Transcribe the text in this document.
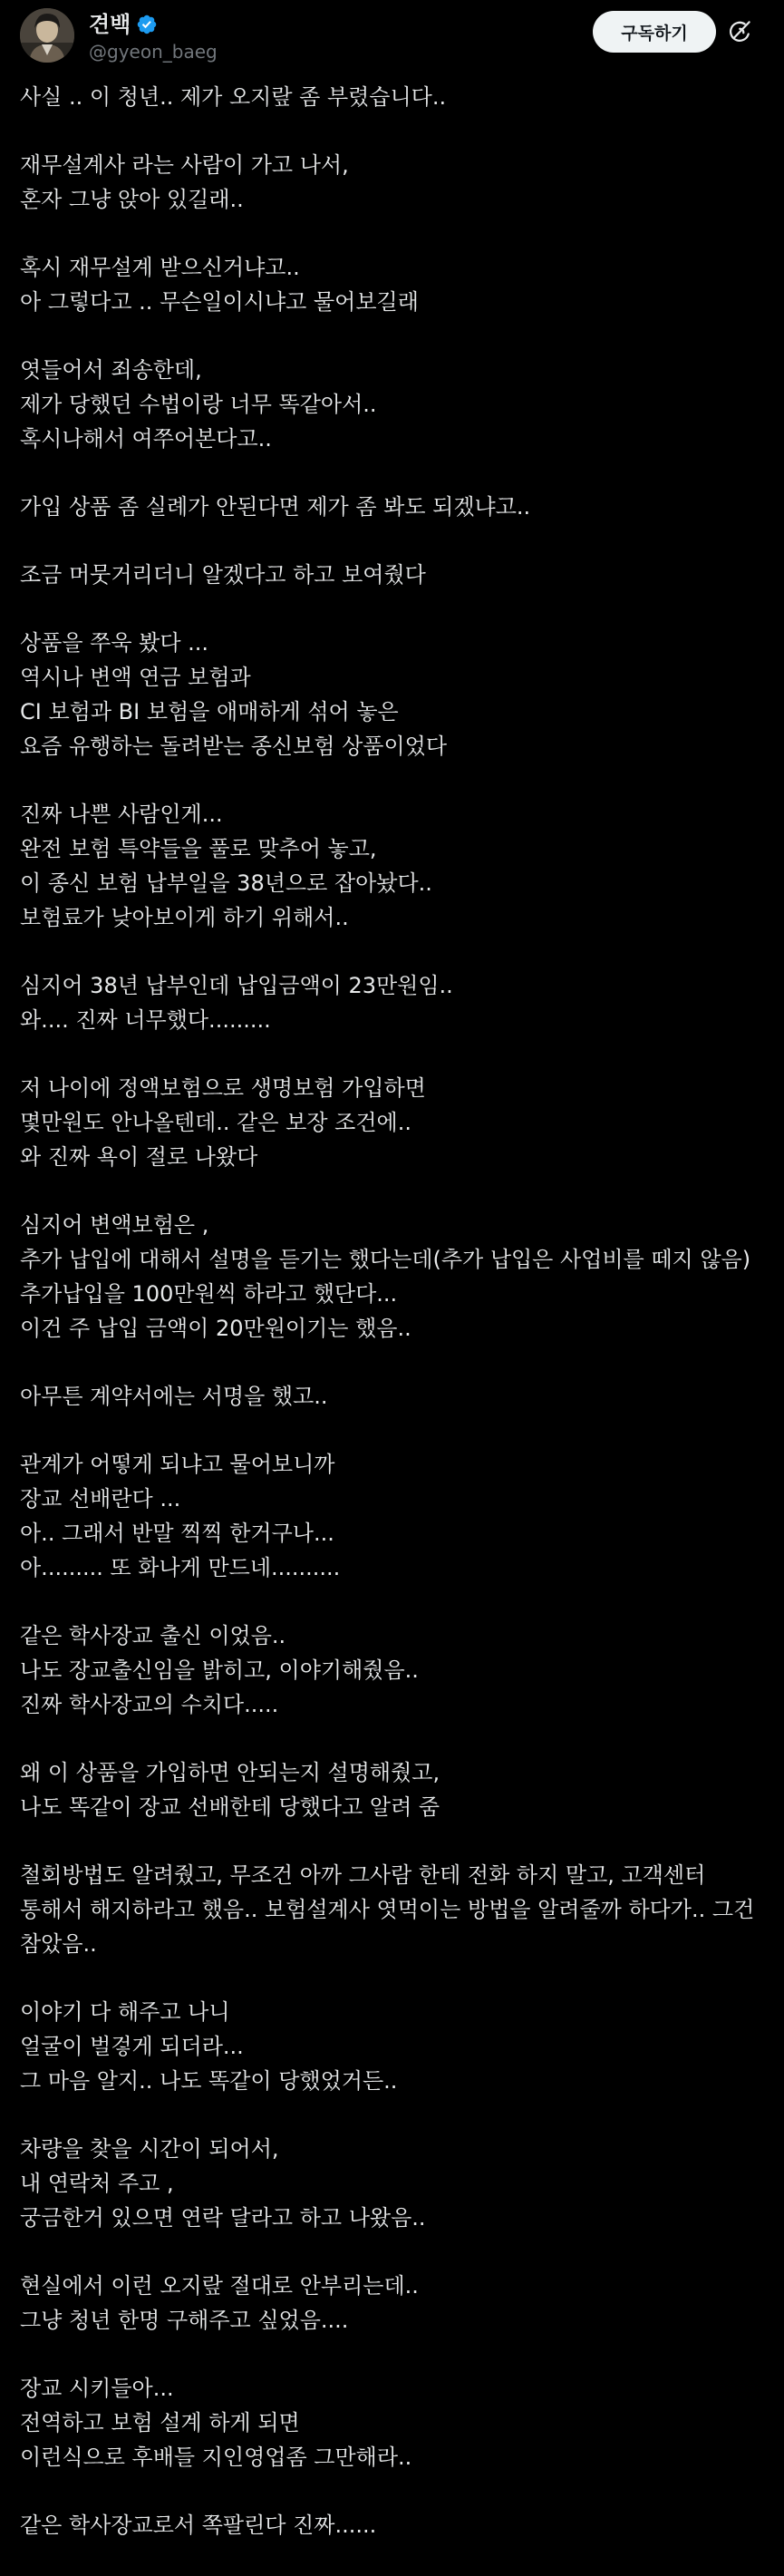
견백
@gyeon_baeg
구독하기
사실 .. 이 청년.. 제가 오지랖 좀 부렸습니다..
재무설계사 라는 사람이 가고 나서,
혼자 그냥 앉아 있길래..
혹시 재무설계 받으신거냐고..
아 그렇다고 .. 무슨일이시냐고 물어보길래
엿들어서 죄송한데,
제가 당했던 수법이랑 너무 똑같아서..
혹시나해서 여쭈어본다고..
가입 상품 좀 실례가 안된다면 제가 좀 봐도 되겠냐고..
조금 머뭇거리더니 알겠다고 하고 보여줬다
상품을 쭈욱 봤다 ...
역시나 변액 연금 보험과
CI 보험과 BI 보험을 애매하게 섞어 놓은
요즘 유행하는 돌려받는 종신보험 상품이었다
진짜 나쁜 사람인게...
완전 보험 특약들을 풀로 맞추어 놓고,
이 종신 보험 납부일을 38년으로 잡아놨다..
보험료가 낮아보이게 하기 위해서..
심지어 38년 납부인데 납입금액이 23만원임..
와.... 진짜 너무했다.........
저 나이에 정액보험으로 생명보험 가입하면
몇만원도 안나올텐데.. 같은 보장 조건에..
와 진짜 욕이 절로 나왔다
심지어 변액보험은 ,
추가 납입에 대해서 설명을 듣기는 했다는데(추가 납입은 사업비를 떼지 않음)
추가납입을 100만원씩 하라고 했단다...
이건 주 납입 금액이 20만원이기는 했음..
아무튼 계약서에는 서명을 했고..
관계가 어떻게 되냐고 물어보니까
장교 선배란다 ...
아.. 그래서 반말 찍찍 한거구나...
아......... 또 화나게 만드네..........
같은 학사장교 출신 이었음..
나도 장교출신임을 밝히고, 이야기해줬음..
진짜 학사장교의 수치다.....
왜 이 상품을 가입하면 안되는지 설명해줬고,
나도 똑같이 장교 선배한테 당했다고 알려 줌
철회방법도 알려줬고, 무조건 아까 그사람 한테 전화 하지 말고, 고객센터 통해서 해지하라고 했음.. 보험설계사 엿먹이는 방법을 알려줄까 하다가.. 그건 참았음..
이야기 다 해주고 나니
얼굴이 벌겋게 되더라...
그 마음 알지.. 나도 똑같이 당했었거든..
차량을 찾을 시간이 되어서,
내 연락처 주고 ,
궁금한거 있으면 연락 달라고 하고 나왔음..
현실에서 이런 오지랖 절대로 안부리는데..
그냥 청년 한명 구해주고 싶었음....
장교 시키들아...
전역하고 보험 설계 하게 되면
이런식으로 후배들 지인영업좀 그만해라..
같은 학사장교로서 쪽팔린다 진짜......
